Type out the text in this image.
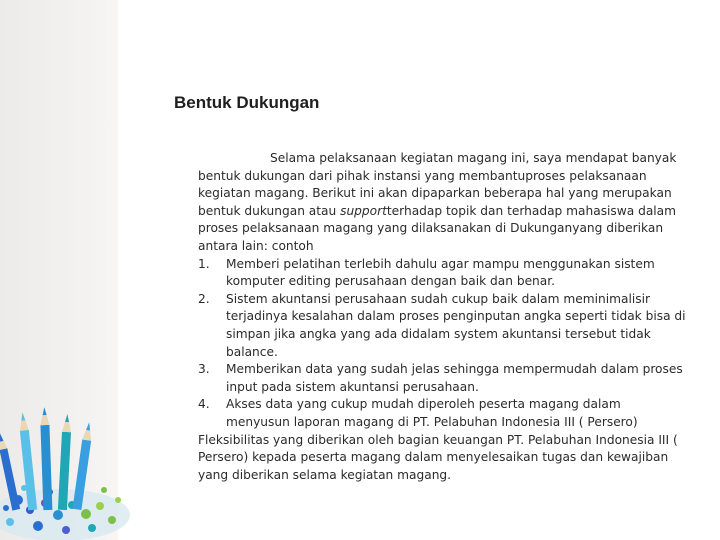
Bentuk Dukungan

Selama pelaksanaan kegiatan magang ini, saya mendapat banyak bentuk dukungan dari pihak instansi yang membantuproses pelaksanaan kegiatan magang. Berikut ini akan dipaparkan beberapa hal yang merupakan bentuk dukungan atau supportterhadap topik dan terhadap mahasiswa dalam proses pelaksanaan magang yang dilaksanakan di Dukunganyang diberikan antara lain: contoh

1. Memberi pelatihan terlebih dahulu agar mampu menggunakan sistem komputer editing perusahaan dengan baik dan benar.
2. Sistem akuntansi perusahaan sudah cukup baik dalam meminimalisir terjadinya kesalahan dalam proses penginputan angka seperti tidak bisa di simpan jika angka yang ada didalam system akuntansi tersebut tidak balance.
3. Memberikan data yang sudah jelas sehingga mempermudah dalam proses input pada sistem akuntansi perusahaan.
4. Akses data yang cukup mudah diperoleh peserta magang dalam menyusun laporan magang di PT. Pelabuhan Indonesia III ( Persero)

Fleksibilitas yang diberikan oleh bagian keuangan PT. Pelabuhan Indonesia III ( Persero) kepada peserta magang dalam menyelesaikan tugas dan kewajiban yang diberikan selama kegiatan magang.
